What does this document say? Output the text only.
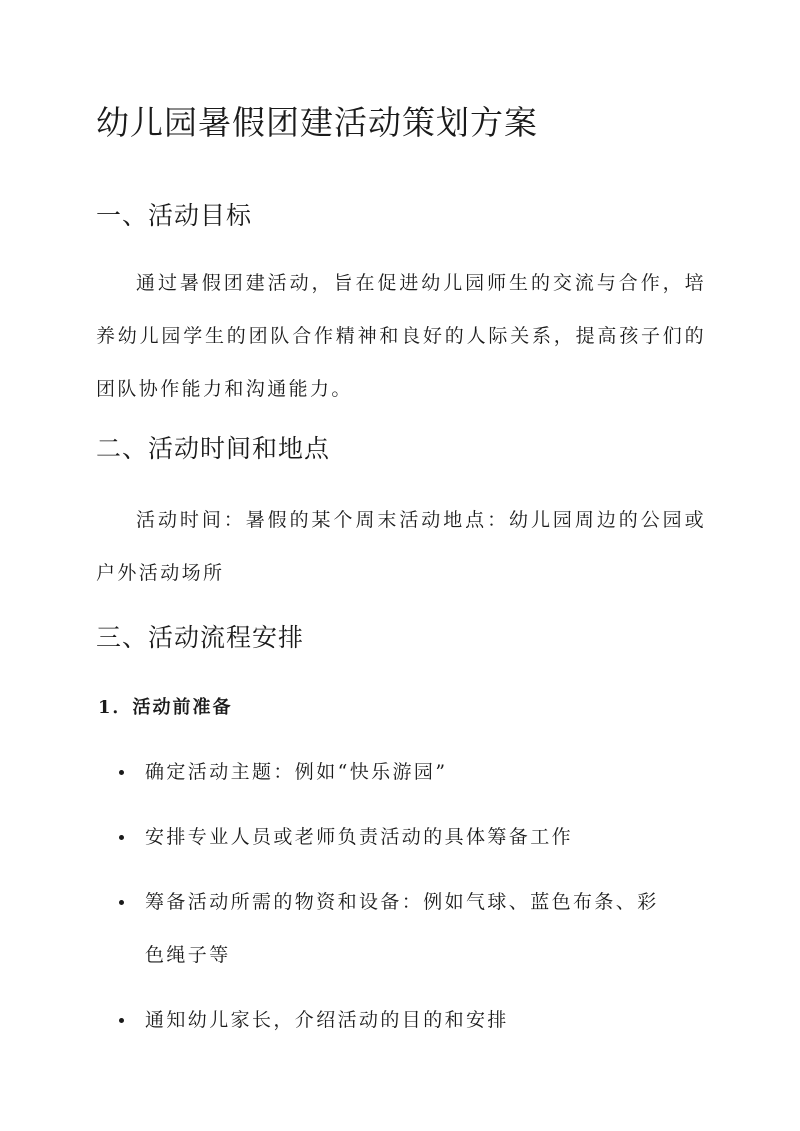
幼儿园暑假团建活动策划方案
一、活动目标

通过暑假团建活动，旨在促进幼儿园师生的交流与合作，培养幼儿园学生的团队合作精神和良好的人际关系，提高孩子们的团队协作能力和沟通能力。

二、活动时间和地点

活动时间：暑假的某个周末活动地点：幼儿园周边的公园或户外活动场所

三、活动流程安排
1．活动前准备
确定活动主题：例如“快乐游园”
安排专业人员或老师负责活动的具体筹备工作
筹备活动所需的物资和设备：例如气球、蓝色布条、彩色绳子等
通知幼儿家长，介绍活动的目的和安排
